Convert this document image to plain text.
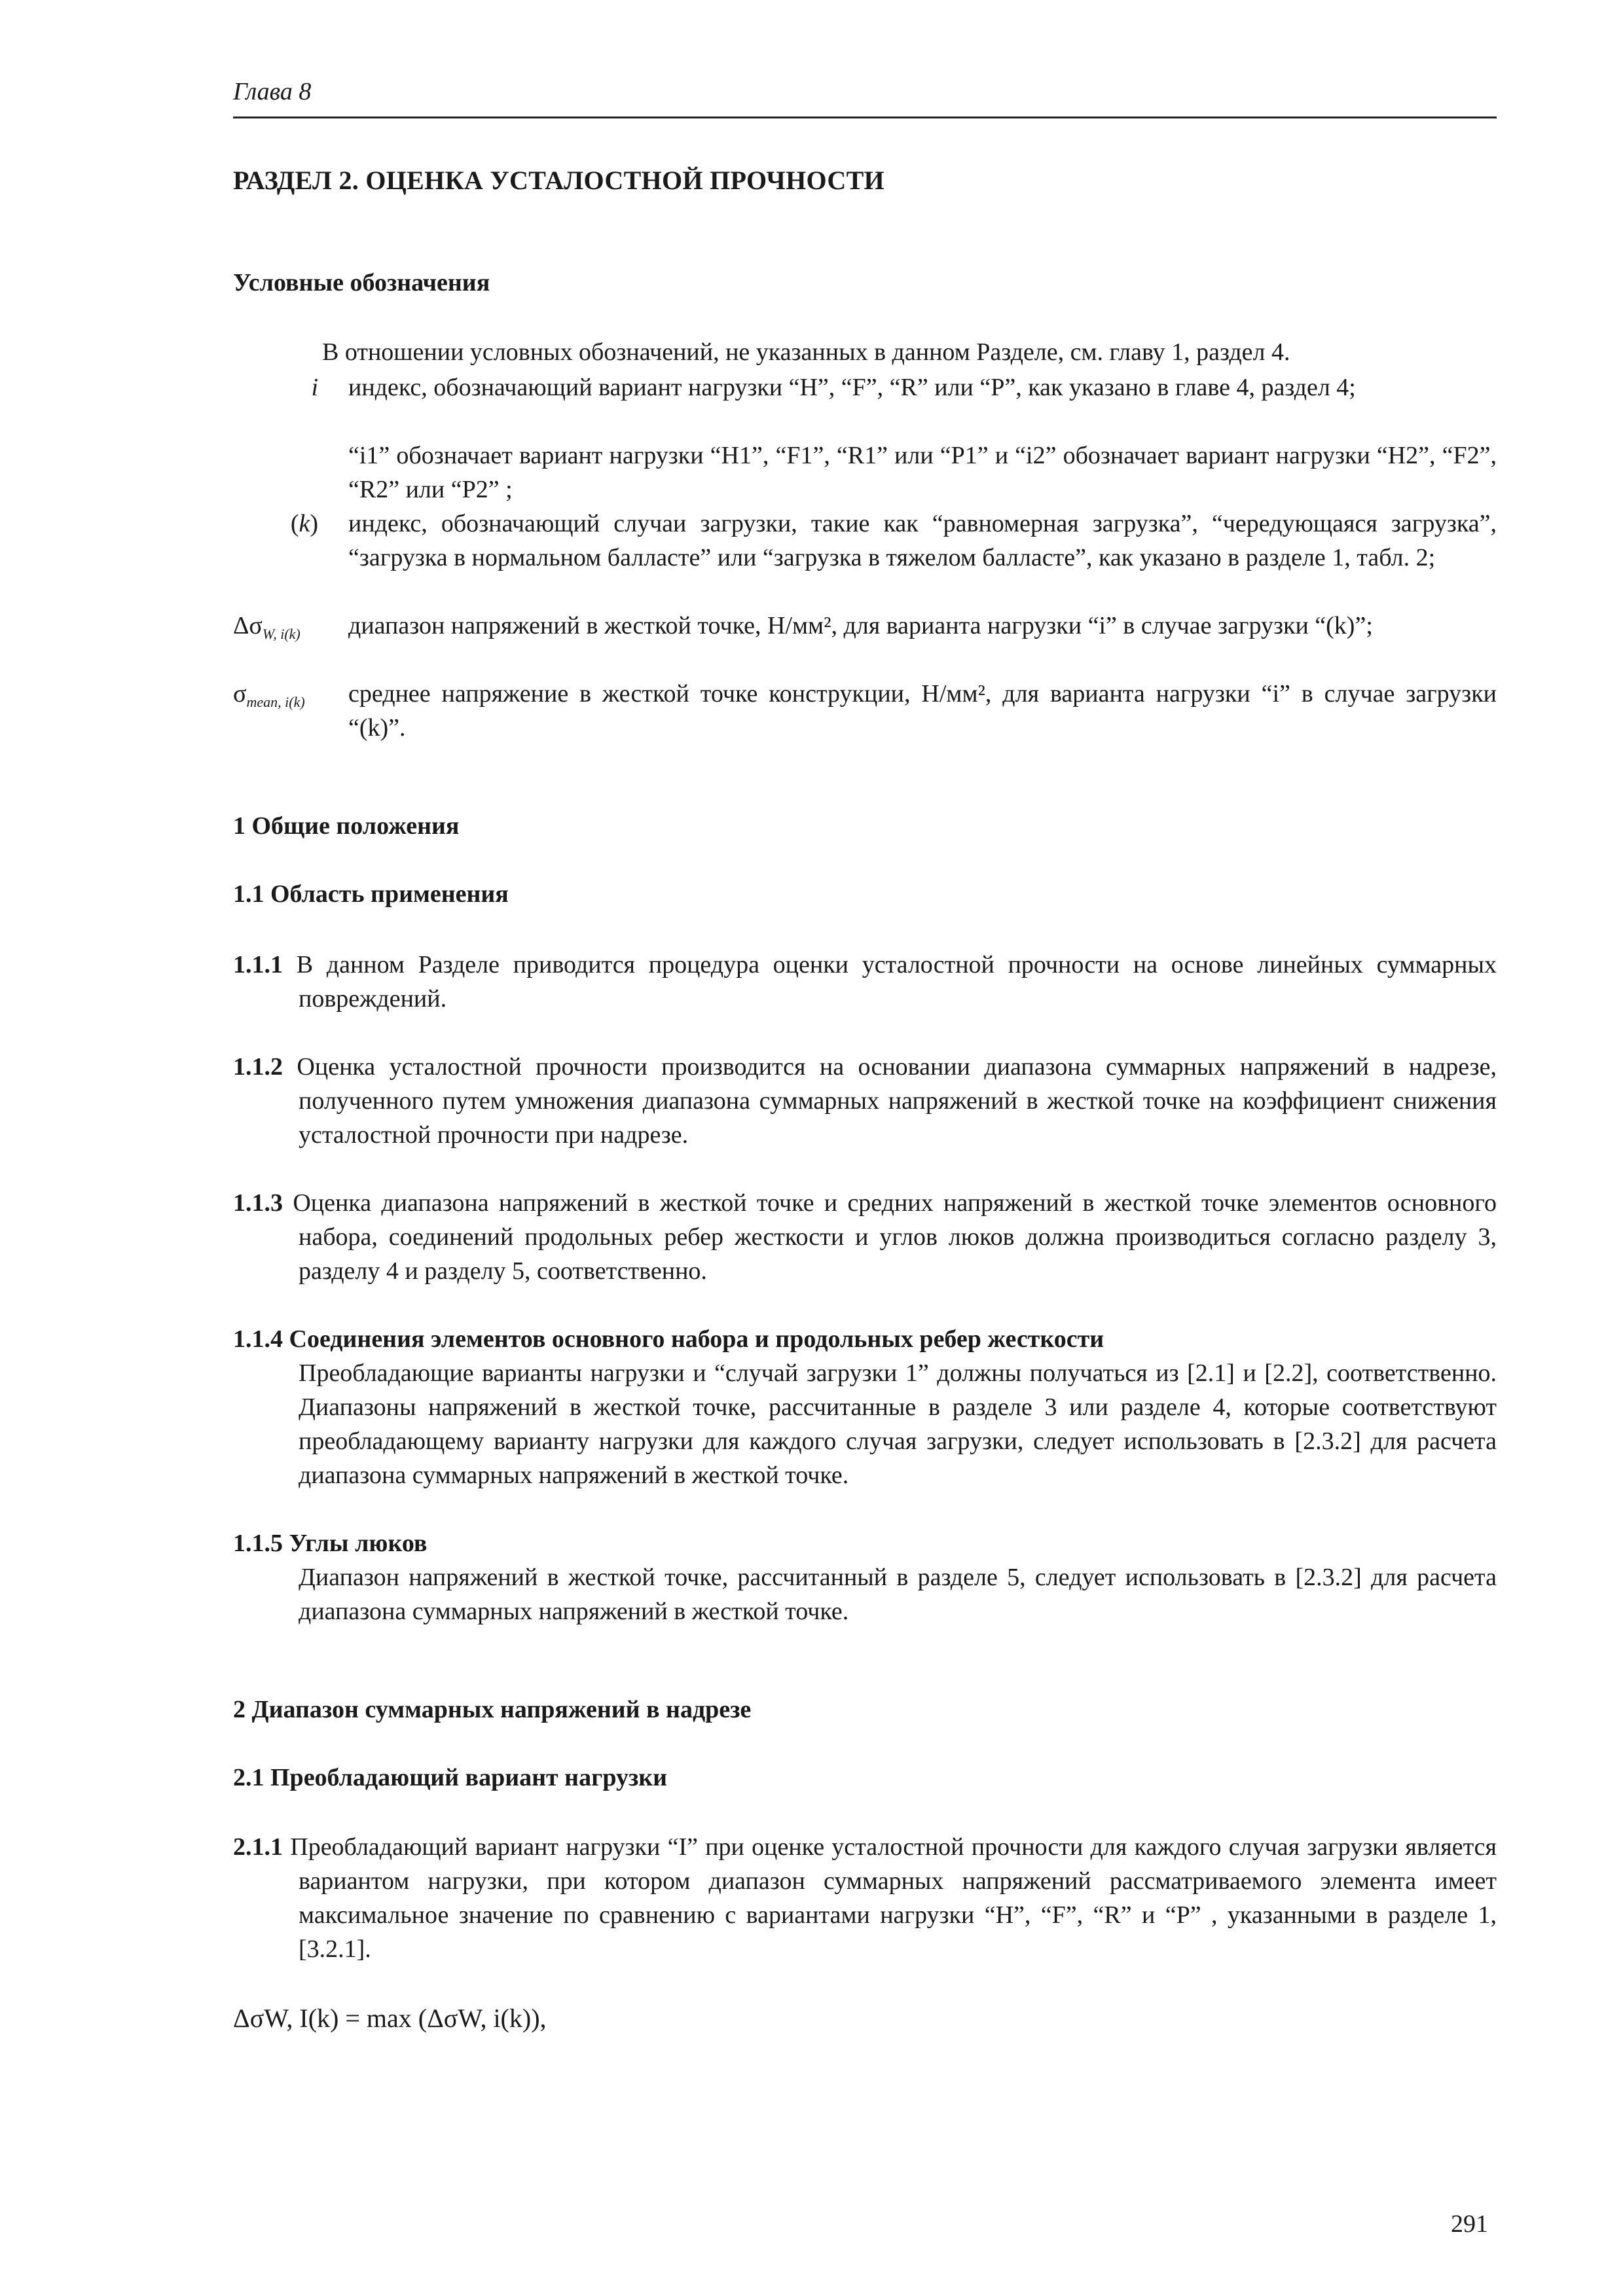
Глава 8
РАЗДЕЛ 2. ОЦЕНКА УСТАЛОСТНОЙ ПРОЧНОСТИ
Условные обозначения
В отношении условных обозначений, не указанных в данном Разделе, см. главу 1, раздел 4.
i индекс, обозначающий вариант нагрузки “H”, “F”, “R” или “P”, как указано в главе 4, раздел 4;
“i1” обозначает вариант нагрузки “H1”, “F1”, “R1” или “P1” и “i2” обозначает вариант нагрузки “H2”, “F2”, “R2” или “P2” ;
(k) индекс, обозначающий случаи загрузки, такие как “равномерная загрузка”, “чередующаяся загрузка”, “загрузка в нормальном балласте” или “загрузка в тяжелом балласте”, как указано в разделе 1, табл. 2;
$\Delta\sigma_{W, i(k)}$	диапазон напряжений в жесткой точке, Н/мм², для варианта нагрузки “i” в случае загрузки “(k)”;
$\sigma_{mean, i(k)}$	среднее напряжение в жесткой точке конструкции, Н/мм², для варианта нагрузки “i” в случае загрузки “(k)”.
1 Общие положения
1.1 Область применения

1.1.1 В данном Разделе приводится процедура оценки усталостной прочности на основе линейных суммарных повреждений.

1.1.2 Оценка усталостной прочности производится на основании диапазона суммарных напряжений в надрезе, полученного путем умножения диапазона суммарных напряжений в жесткой точке на коэффициент снижения усталостной прочности при надрезе.

1.1.3 Оценка диапазона напряжений в жесткой точке и средних напряжений в жесткой точке элементов основного набора, соединений продольных ребер жесткости и углов люков должна производиться согласно разделу 3, разделу 4 и разделу 5, соответственно.

1.1.4 Соединения элементов основного набора и продольных ребер жесткости

Преобладающие варианты нагрузки и “случай загрузки 1” должны получаться из [2.1] и [2.2], соответственно. Диапазоны напряжений в жесткой точке, рассчитанные в разделе 3 или разделе 4, которые соответствуют преобладающему варианту нагрузки для каждого случая загрузки, следует использовать в [2.3.2] для расчета диапазона суммарных напряжений в жесткой точке.

1.1.5 Углы люков

Диапазон напряжений в жесткой точке, рассчитанный в разделе 5, следует использовать в [2.3.2] для расчета диапазона суммарных напряжений в жесткой точке.

2 Диапазон суммарных напряжений в надрезе
2.1 Преобладающий вариант нагрузки

2.1.1 Преобладающий вариант нагрузки “I” при оценке усталостной прочности для каждого случая загрузки является вариантом нагрузки, при котором диапазон суммарных напряжений рассматриваемого элемента имеет максимальное значение по сравнению с вариантами нагрузки “H”, “F”, “R” и “P” , указанными в разделе 1, [3.2.1].

ΔσW, I(k) = max (ΔσW, i(k)),
291
